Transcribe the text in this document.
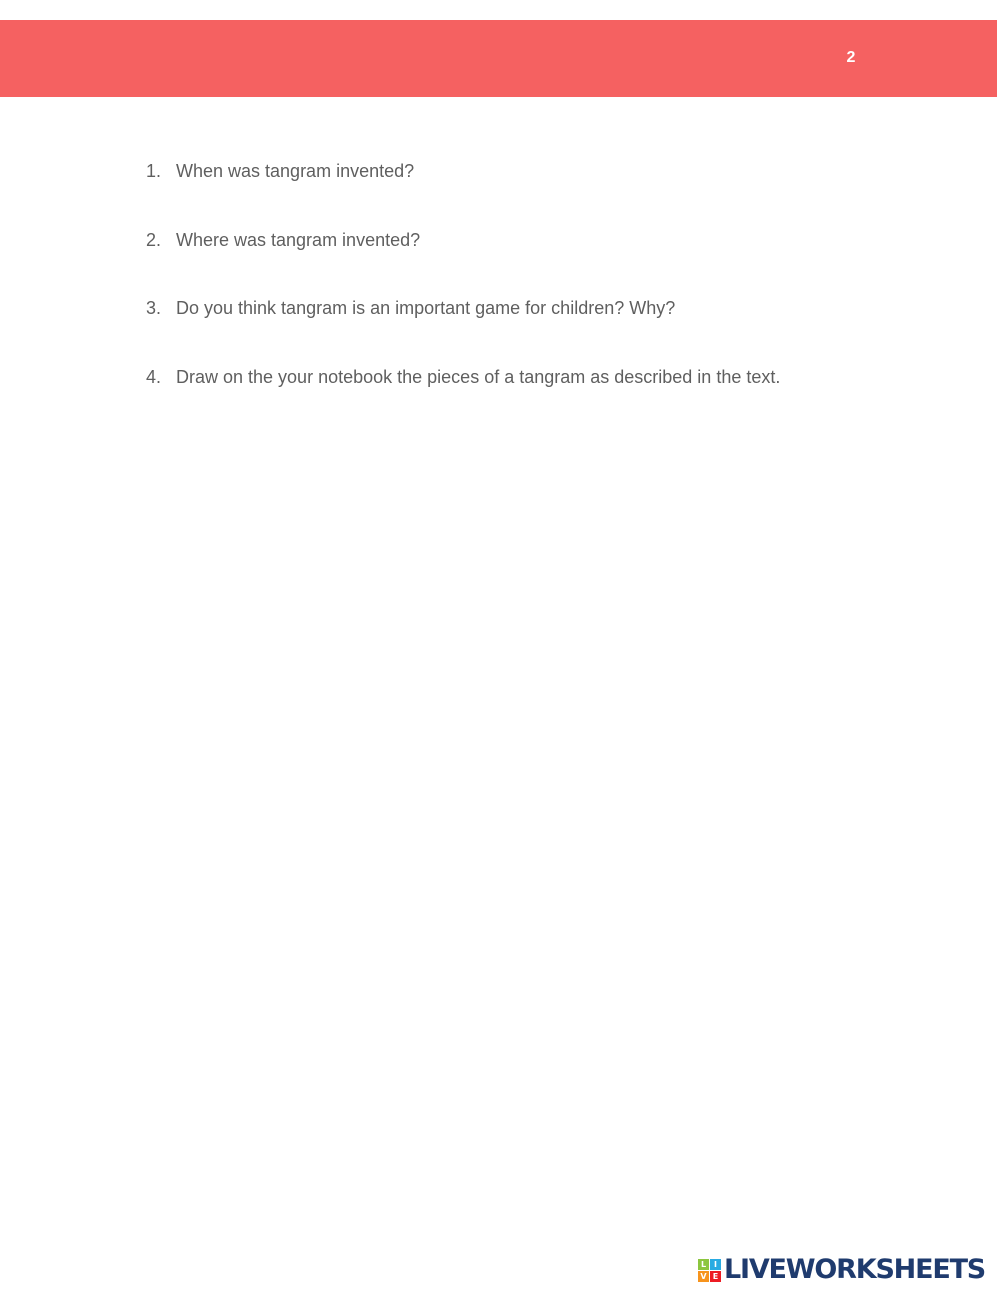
2
1. When was tangram invented?
2. Where was tangram invented?
3. Do you think tangram is an important game for children? Why?
4. Draw on the your notebook the pieces of a tangram as described in the text.
L I
V E LIVEWORKSHEETS
